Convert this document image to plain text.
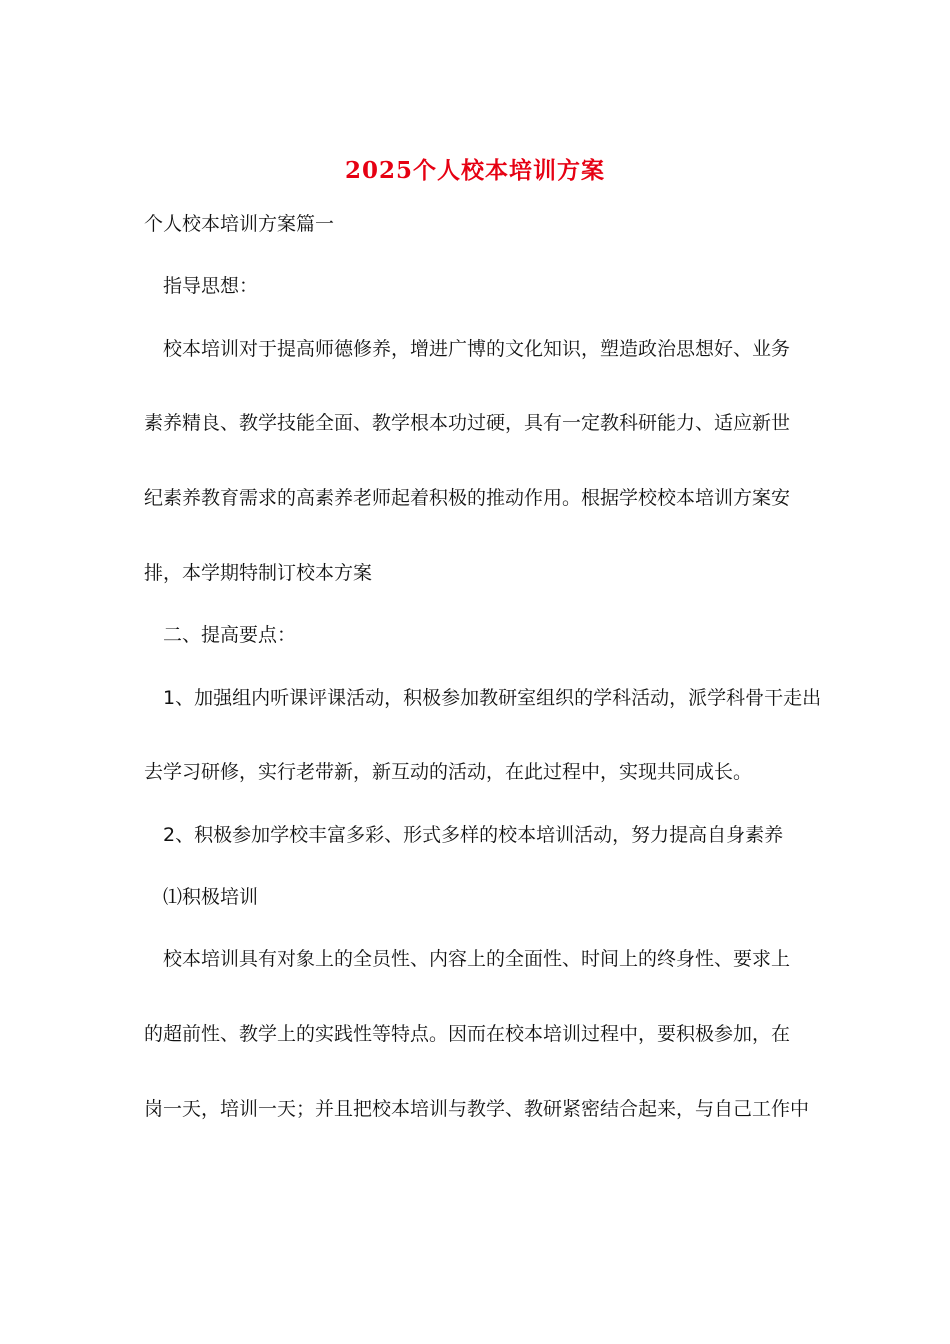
2025个人校本培训方案
个人校本培训方案篇一
指导思想：
校本培训对于提高师德修养，增进广博的文化知识，塑造政治思想好、业务
素养精良、教学技能全面、教学根本功过硬，具有一定教科研能力、适应新世
纪素养教育需求的高素养老师起着积极的推动作用。根据学校校本培训方案安
排，本学期特制订校本方案
二、提高要点：
1、加强组内听课评课活动，积极参加教研室组织的学科活动，派学科骨干走出
去学习研修，实行老带新，新互动的活动，在此过程中，实现共同成长。
2、积极参加学校丰富多彩、形式多样的校本培训活动，努力提高自身素养
⑴积极培训
校本培训具有对象上的全员性、内容上的全面性、时间上的终身性、要求上
的超前性、教学上的实践性等特点。因而在校本培训过程中，要积极参加，在
岗一天，培训一天；并且把校本培训与教学、教研紧密结合起来，与自己工作中
